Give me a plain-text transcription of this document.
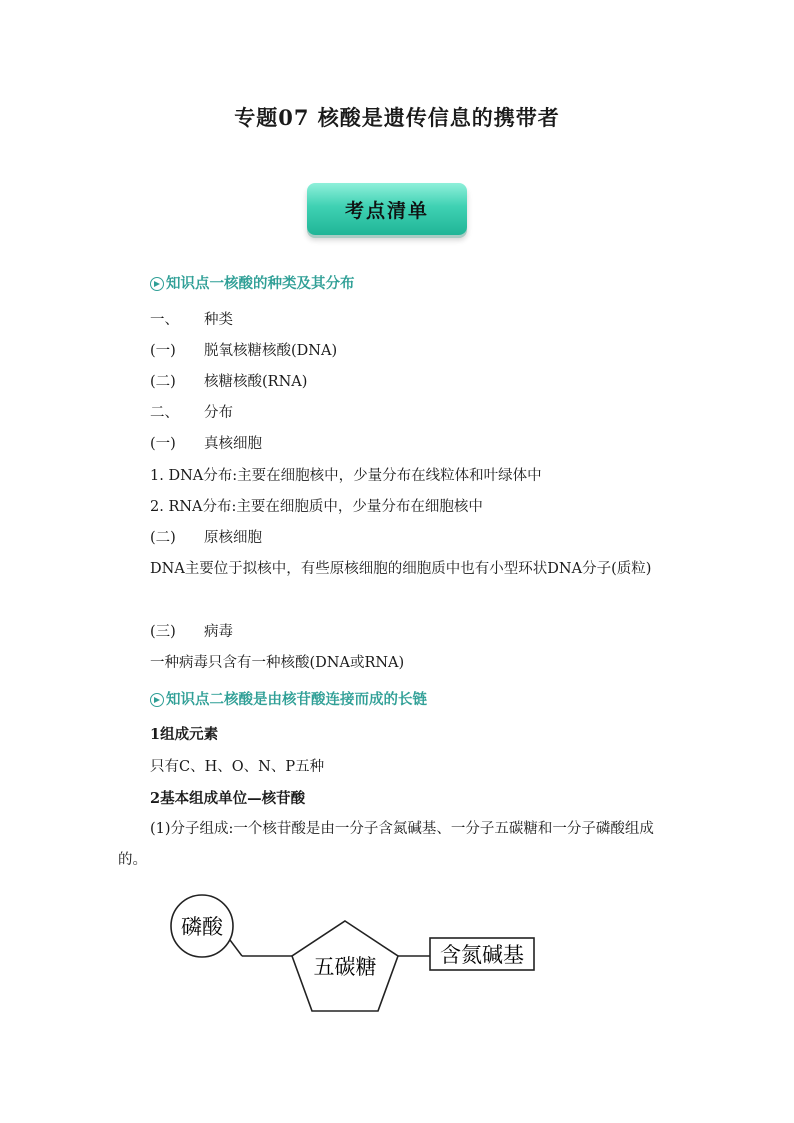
专题07 核酸是遗传信息的携带者
考点清单
知识点一核酸的种类及其分布
一、 种类
(一) 脱氧核糖核酸(DNA)
(二) 核糖核酸(RNA)
二、 分布
(一) 真核细胞
1. DNA分布:主要在细胞核中，少量分布在线粒体和叶绿体中
2. RNA分布:主要在细胞质中，少量分布在细胞核中
(二) 原核细胞
DNA主要位于拟核中，有些原核细胞的细胞质中也有小型环状DNA分子(质粒)
(三) 病毒
一种病毒只含有一种核酸(DNA或RNA)
知识点二核酸是由核苷酸连接而成的长链
1组成元素
只有C、H、O、N、P五种
2基本组成单位—核苷酸
(1)分子组成:一个核苷酸是由一分子含氮碱基、一分子五碳糖和一分子磷酸组成的。
磷酸
五碳糖	含氮碱基
